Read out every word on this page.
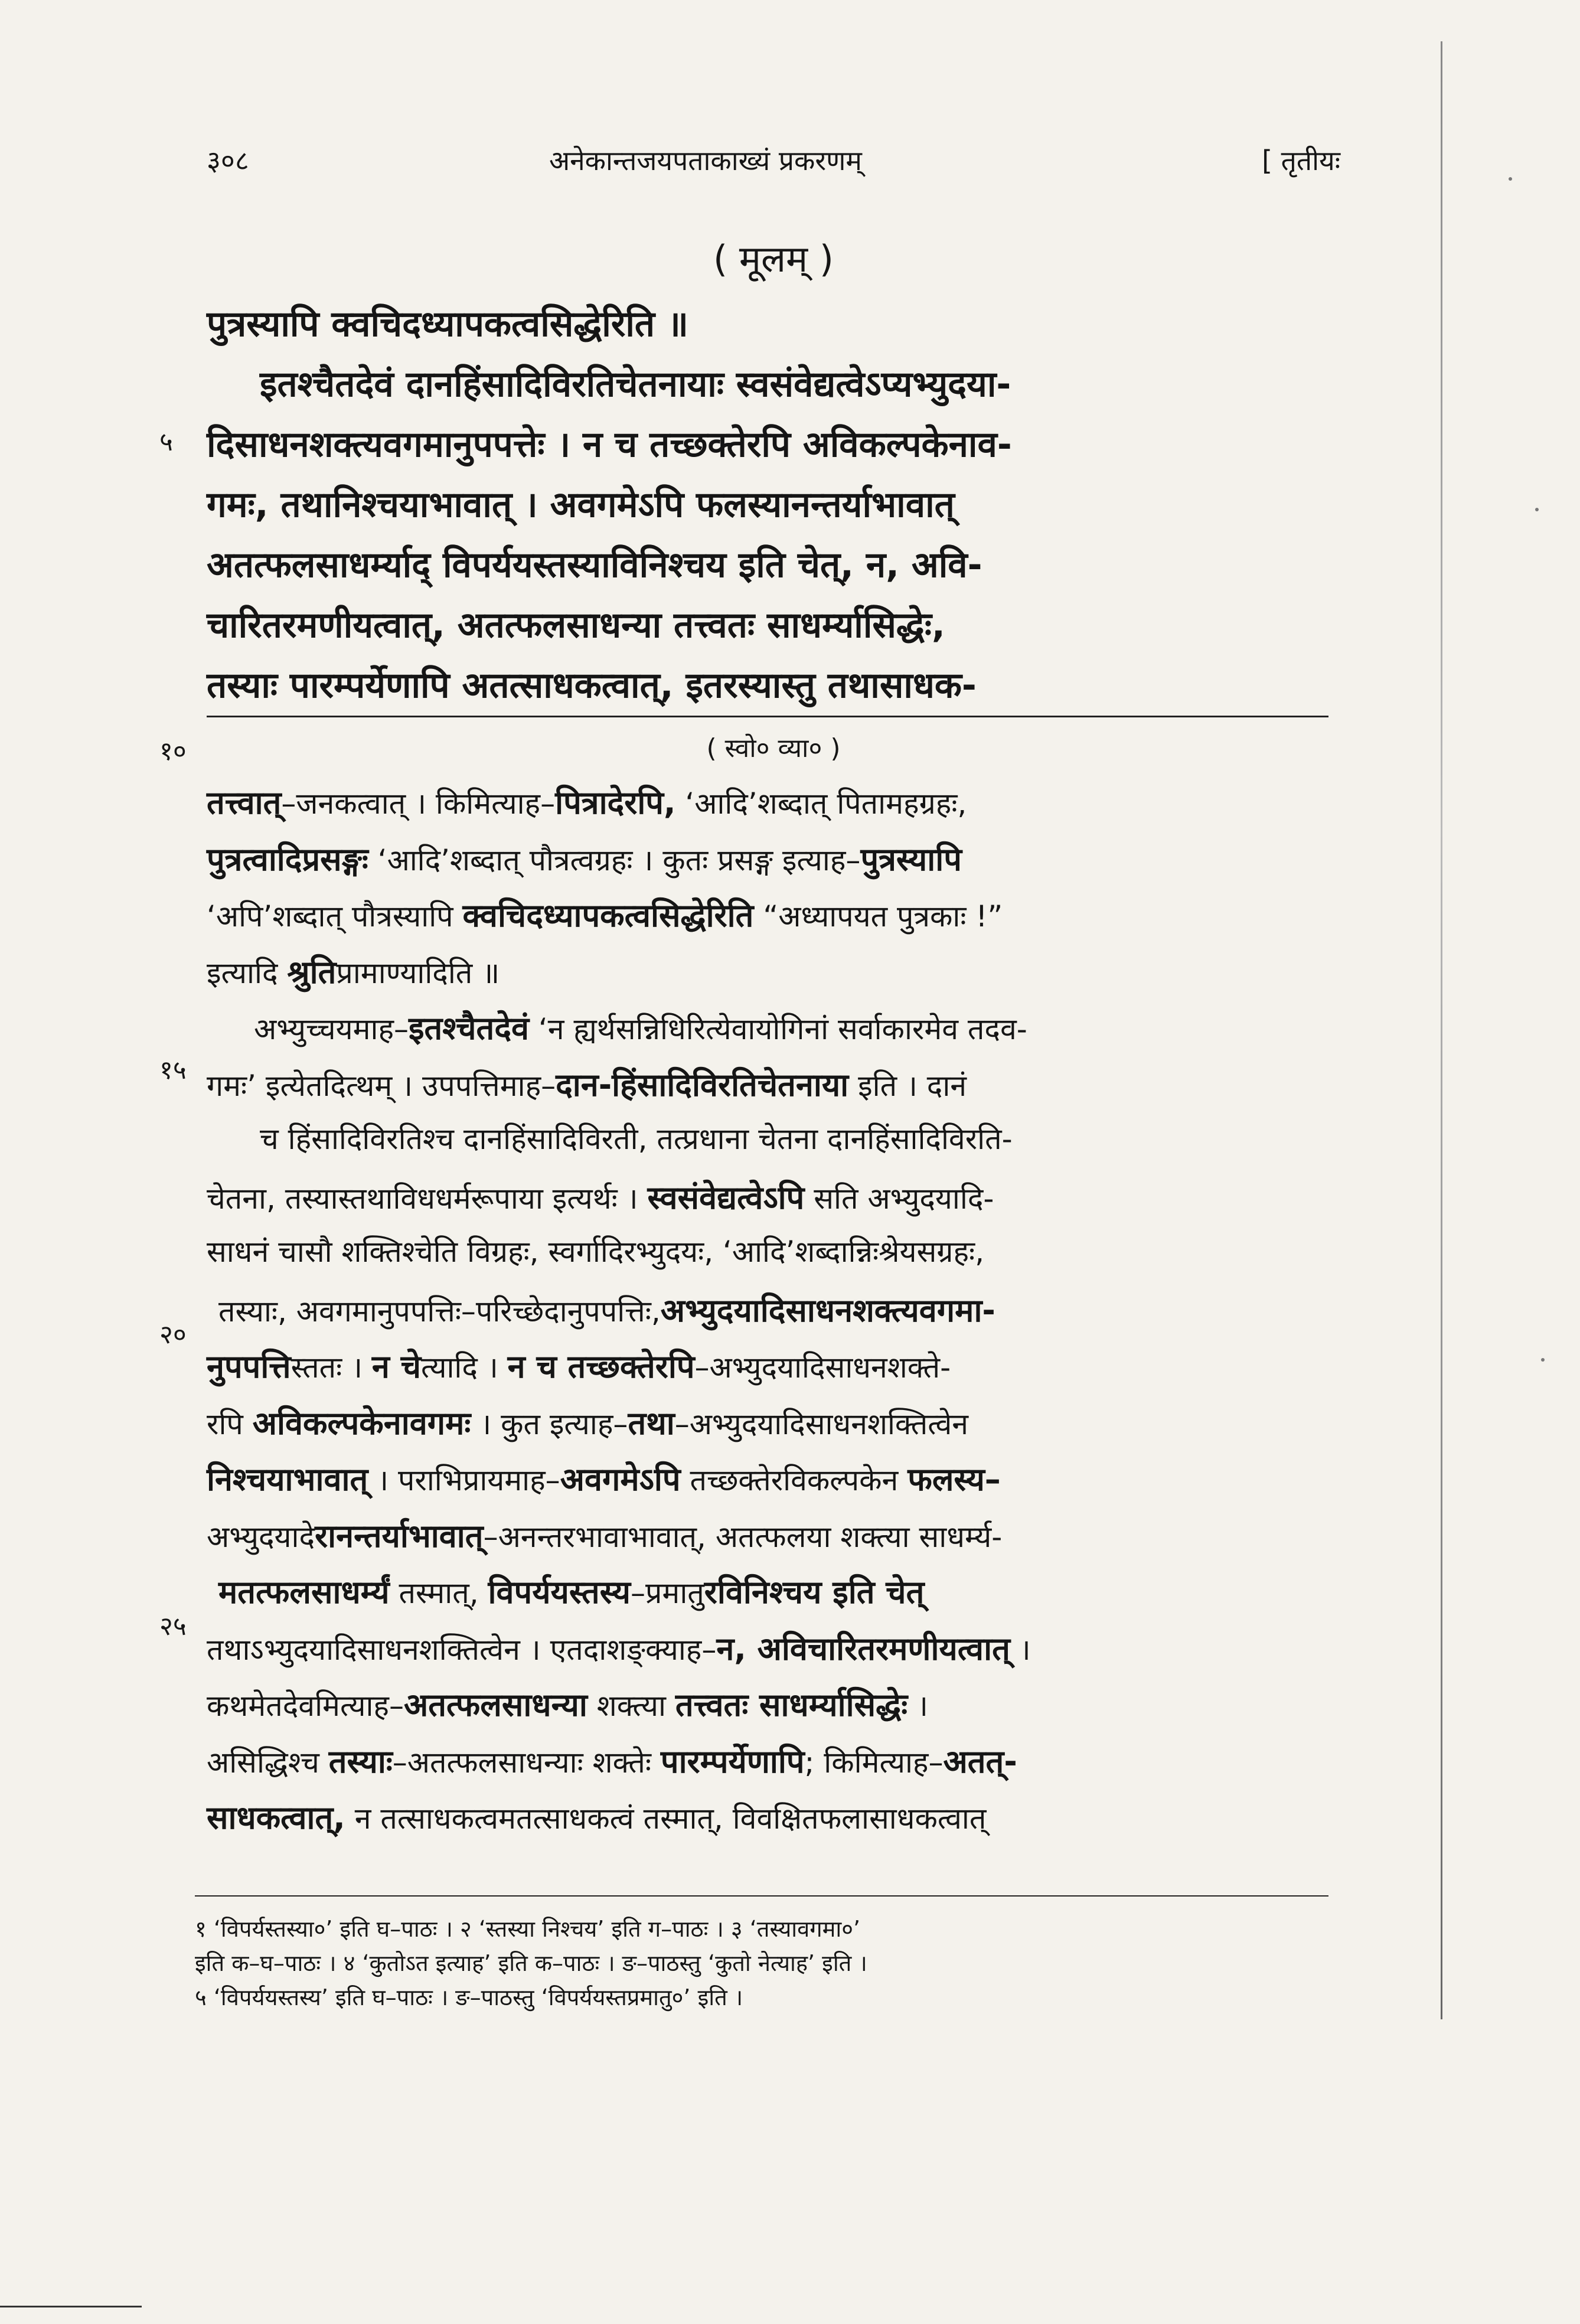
३०८	अनेकान्तजयपताकाख्यं प्रकरणम्	[ तृतीयः
( मूलम् )
पुत्रस्यापि क्वचिदध्यापकत्वसिद्धेरिति ॥
इतश्चैतदेवं दानहिंसादिविरतिचेतनायाः स्वसंवेद्यत्वेऽप्यभ्युदया-
दिसाधनशक्त्यवगमानुपपत्तेः । न च तच्छक्तेरपि अविकल्पकेनाव-
गमः, तथानिश्चयाभावात् । अवगमेऽपि फलस्यानन्तर्याभावात्
अतत्फलसाधर्म्याद् विपर्ययस्तस्याविनिश्चय इति चेत्, न, अवि-
चारितरमणीयत्वात्, अतत्फलसाधन्या तत्त्वतः साधर्म्यासिद्धेः,
तस्याः पारम्पर्येणापि अतत्साधकत्वात्, इतरस्यास्तु तथासाधक-
( स्वो० व्या० )
५
१०
१५
२०
२५
तत्त्वात्–जनकत्वात् । किमित्याह–पित्रादेरपि, ‘आदि’शब्दात् पितामहग्रहः,
पुत्रत्वादिप्रसङ्गः ‘आदि’शब्दात् पौत्रत्वग्रहः । कुतः प्रसङ्ग इत्याह–पुत्रस्यापि
‘अपि’शब्दात् पौत्रस्यापि क्वचिदध्यापकत्वसिद्धेरिति “अध्यापयत पुत्रकाः !”
इत्यादि श्रुतिप्रामाण्यादिति ॥
अभ्युच्चयमाह–इतश्चैतदेवं ‘न ह्यर्थसन्निधिरित्येवायोगिनां सर्वाकारमेव तदव-
गमः’ इत्येतदित्थम् । उपपत्तिमाह–दान-हिंसादिविरतिचेतनाया इति । दानं
च हिंसादिविरतिश्च दानहिंसादिविरती, तत्प्रधाना चेतना दानहिंसादिविरति-
चेतना, तस्यास्तथाविधधर्मरूपाया इत्यर्थः । स्वसंवेद्यत्वेऽपि सति अभ्युदयादि-
साधनं चासौ शक्तिश्चेति विग्रहः, स्वर्गादिरभ्युदयः, ‘आदि’शब्दान्निःश्रेयसग्रहः,
तस्याः, अवगमानुपपत्तिः–परिच्छेदानुपपत्तिः,अभ्युदयादिसाधनशक्त्यवगमा-
नुपपत्तिस्ततः । न चेत्यादि । न च तच्छक्तेरपि–अभ्युदयादिसाधनशक्ते-
रपि अविकल्पकेनावगमः । कुत इत्याह–तथा–अभ्युदयादिसाधनशक्तित्वेन
निश्चयाभावात् । पराभिप्रायमाह–अवगमेऽपि तच्छक्तेरविकल्पकेन फलस्य–
अभ्युदयादेरानन्तर्याभावात्–अनन्तरभावाभावात्, अतत्फलया शक्त्या साधर्म्य-
मतत्फलसाधर्म्यं तस्मात्, विपर्ययस्तस्य–प्रमातुरविनिश्चय इति चेत्
तथाऽभ्युदयादिसाधनशक्तित्वेन । एतदाशङ्क्याह–न, अविचारितरमणीयत्वात् ।
कथमेतदेवमित्याह–अतत्फलसाधन्या शक्त्या तत्त्वतः साधर्म्यासिद्धेः ।
असिद्धिश्च तस्याः–अतत्फलसाधन्याः शक्तेः पारम्पर्येणापि; किमित्याह–अतत्-
साधकत्वात्, न तत्साधकत्वमतत्साधकत्वं तस्मात्, विवक्षितफलासाधकत्वात्
१ ‘विपर्यस्तस्या०’ इति घ–पाठः । २ ‘स्तस्या निश्चय’ इति ग–पाठः । ३ ‘तस्यावगमा०’
इति क–घ–पाठः । ४ ‘कुतोऽत इत्याह’ इति क–पाठः । ङ–पाठस्तु ‘कुतो नेत्याह’ इति ।
५ ‘विपर्ययस्तस्य’ इति घ–पाठः । ङ–पाठस्तु ‘विपर्ययस्तप्रमातु०’ इति ।
